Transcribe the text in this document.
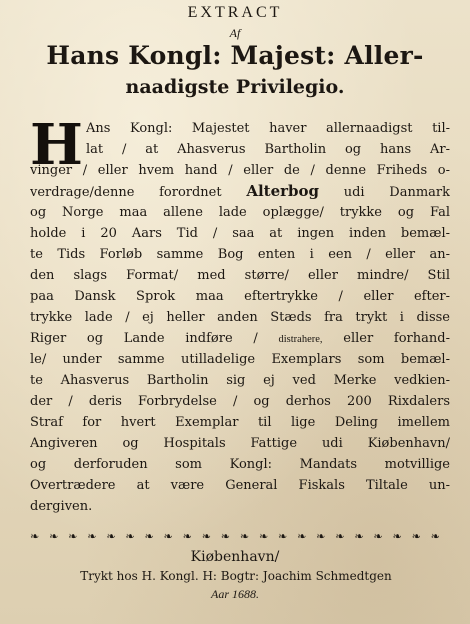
EXTRACT
Af
Hans Kongl: Majest: Aller-
naadigste Privilegio.
H Ans Kongl: Majestet haver allernaadigst til-
lat / at Ahasverus Bartholin og hans Ar-
vinger / eller hvem hand / eller de / denne Friheds o-
verdrage/denne forordnet Alterbog udi Danmark
og Norge maa allene lade oplægge/ trykke og Fal
holde i 20 Aars Tid / saa at ingen inden bemæl-
te Tids Forløb samme Bog enten i een / eller an-
den slags Format/ med større/ eller mindre/ Stil
paa Dansk Sprok maa eftertrykke / eller efter-
trykke lade / ej heller anden Stæds fra trykt i disse
Riger og Lande indføre / distrahere, eller forhand-
le/ under samme utilladelige Exemplars som bemæl-
te Ahasverus Bartholin sig ej ved Merke vedkien-
der / deris Forbrydelse / og derhos 200 Rixdalers
Straf for hvert Exemplar til lige Deling imellem
Angiveren og Hospitals Fattige udi Kiøbenhavn/
og derforuden som Kongl: Mandats motvillige
Overtrædere at være General Fiskals Tiltale un-
dergiven.
❧ ❧ ❧ ❧ ❧ ❧ ❧ ❧ ❧ ❧ ❧ ❧ ❧ ❧ ❧ ❧ ❧ ❧ ❧ ❧ ❧ ❧
Kiøbenhavn/
Trykt hos H. Kongl. H: Bogtr: Joachim Schmedtgen
Aar 1688.
